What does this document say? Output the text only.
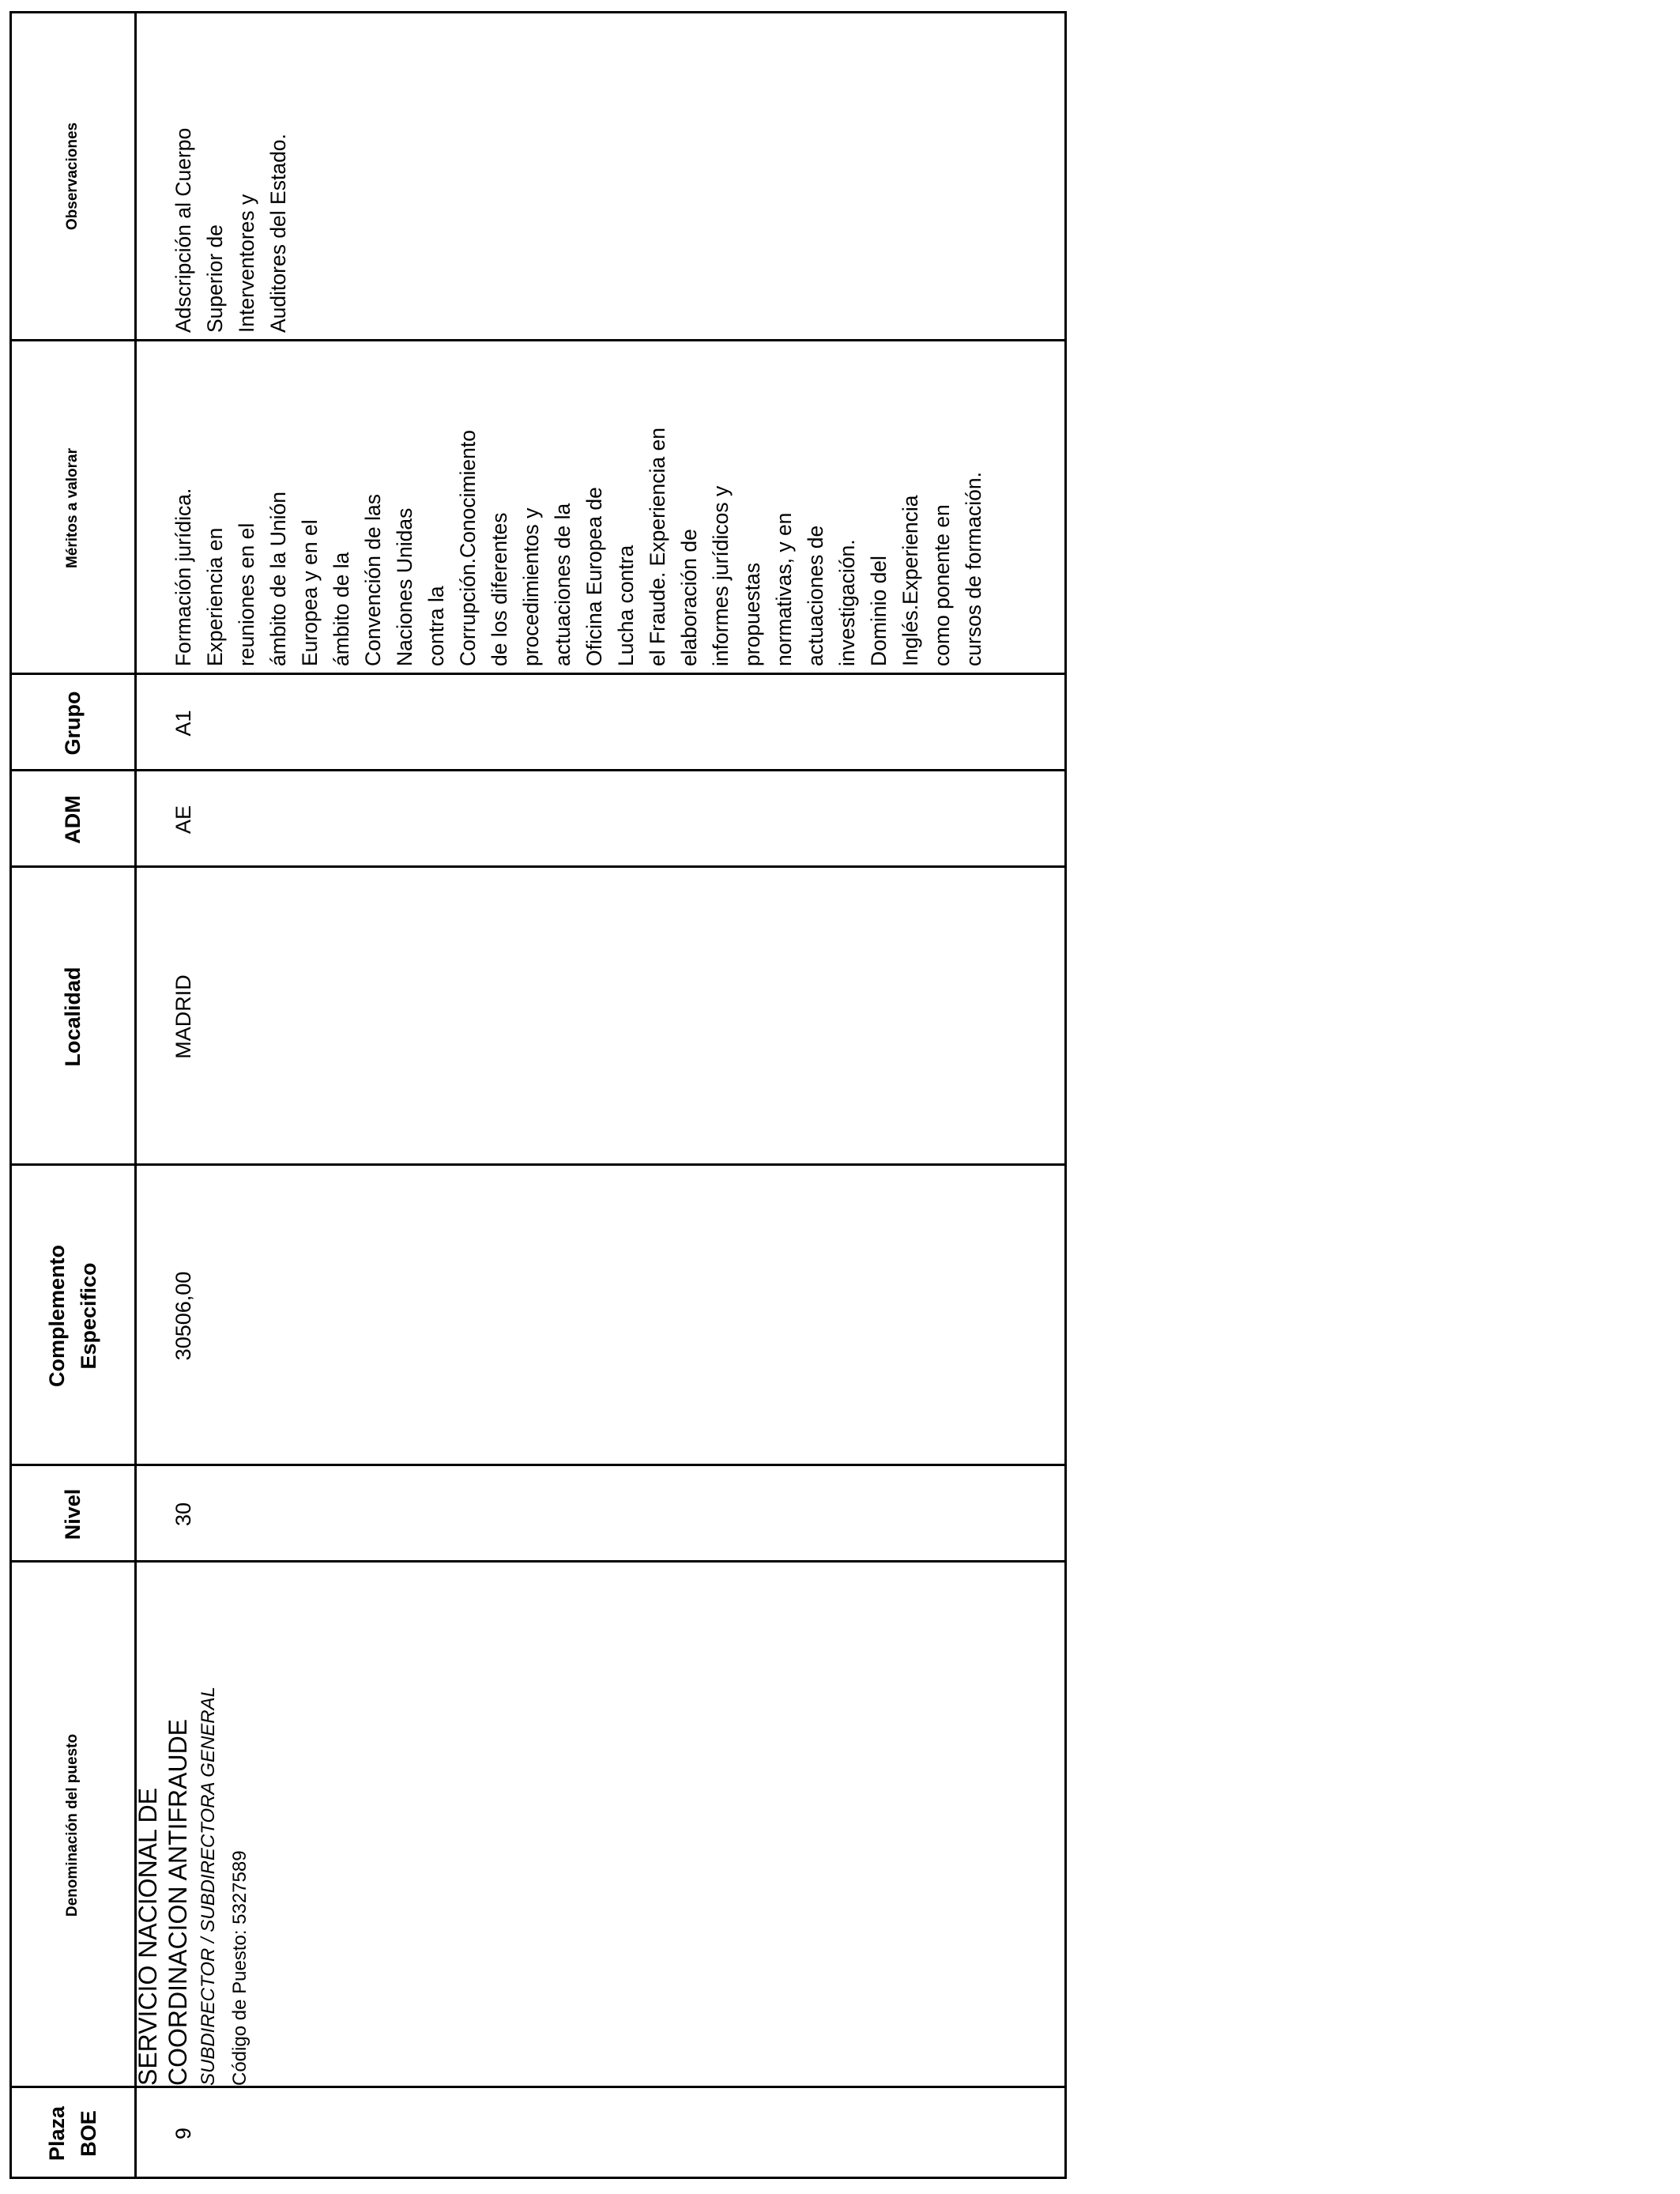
Plaza BOE
Denominación del puesto
Nivel
Complemento Especifico
Localidad
ADM
Grupo
Méritos a valorar
Observaciones
9
SERVICIO NACIONAL DE COORDINACION ANTIFRAUDE SUBDIRECTOR / SUBDIRECTORA GENERAL Código de Puesto: 5327589
30
30506,00
MADRID
AE
A1
Formación jurídica. Experiencia en reuniones en el ámbito de la Unión Europea y en el ámbito de la Convención de las Naciones Unidas contra la Corrupción.Conocimiento de los diferentes procedimientos y actuaciones de la Oficina Europea de Lucha contra el Fraude. Experiencia en elaboración de informes jurídicos y propuestas normativas, y en actuaciones de investigación. Dominio del Inglés.Experiencia como ponente en cursos de formación.
Adscripción al Cuerpo Superior de Interventores y Auditores del Estado.
